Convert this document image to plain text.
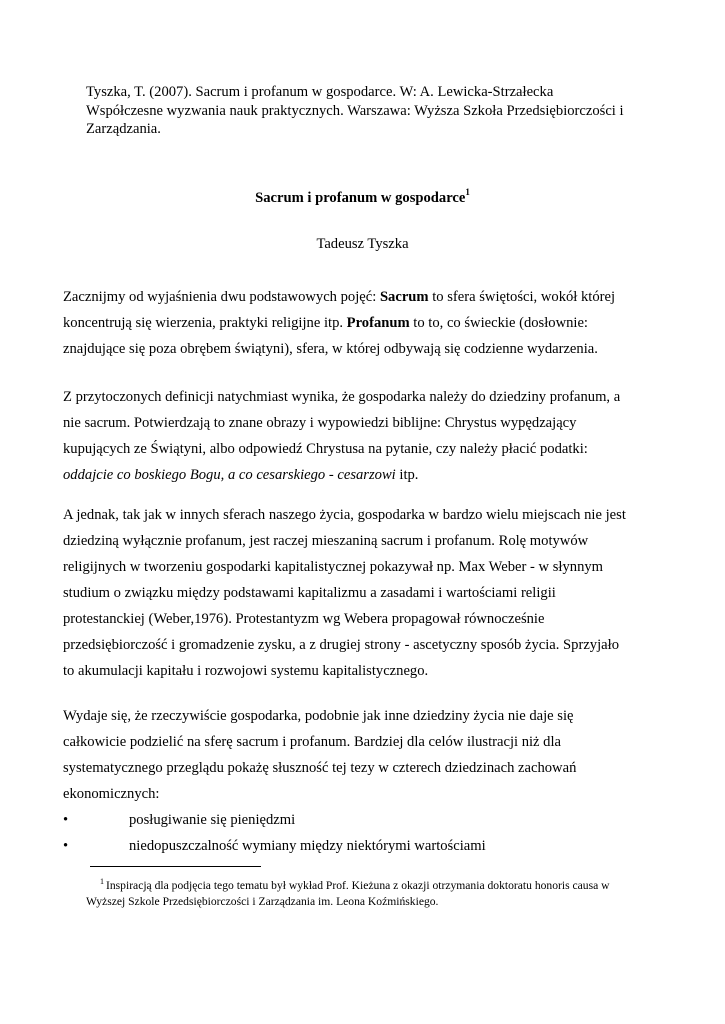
Tyszka, T. (2007). Sacrum i profanum w gospodarce. W: A. Lewicka-Strzałecka
Współczesne wyzwania nauk praktycznych. Warszawa: Wyższa Szkoła Przedsiębiorczości i
Zarządzania.
Sacrum i profanum w gospodarce$^1$
Tadeusz Tyszka
Zacznijmy od wyjaśnienia dwu podstawowych pojęć: Sacrum to sfera świętości, wokół której
koncentrują się wierzenia, praktyki religijne itp. Profanum to to, co świeckie (dosłownie:
znajdujące się poza obrębem świątyni), sfera, w której odbywają się codzienne wydarzenia.
Z przytoczonych definicji natychmiast wynika, że gospodarka należy do dziedziny profanum, a
nie sacrum. Potwierdzają to znane obrazy i wypowiedzi biblijne: Chrystus wypędzający
kupujących ze Świątyni, albo odpowiedź Chrystusa na pytanie, czy należy płacić podatki:
oddajcie co boskiego Bogu, a co cesarskiego - cesarzowi itp.
A jednak, tak jak w innych sferach naszego życia, gospodarka w bardzo wielu miejscach nie jest
dziedziną wyłącznie profanum, jest raczej mieszaniną sacrum i profanum. Rolę motywów
religijnych w tworzeniu gospodarki kapitalistycznej pokazywał np. Max Weber - w słynnym
studium o związku między podstawami kapitalizmu a zasadami i wartościami religii
protestanckiej (Weber,1976). Protestantyzm wg Webera propagował równocześnie
przedsiębiorczość i gromadzenie zysku, a z drugiej strony - ascetyczny sposób życia. Sprzyjało
to akumulacji kapitału i rozwojowi systemu kapitalistycznego.
Wydaje się, że rzeczywiście gospodarka, podobnie jak inne dziedziny życia nie daje się
całkowicie podzielić na sferę sacrum i profanum. Bardziej dla celów ilustracji niż dla
systematycznego przeglądu pokażę słuszność tej tezy w czterech dziedzinach zachowań
ekonomicznych:
•	posługiwanie się pieniędzmi
•	niedopuszczalność wymiany między niektórymi wartościami
$^1$ Inspiracją dla podjęcia tego tematu był wykład Prof. Kieżuna z okazji otrzymania doktoratu honoris causa w
Wyższej Szkole Przedsiębiorczości i Zarządzania im. Leona Koźmińskiego.
